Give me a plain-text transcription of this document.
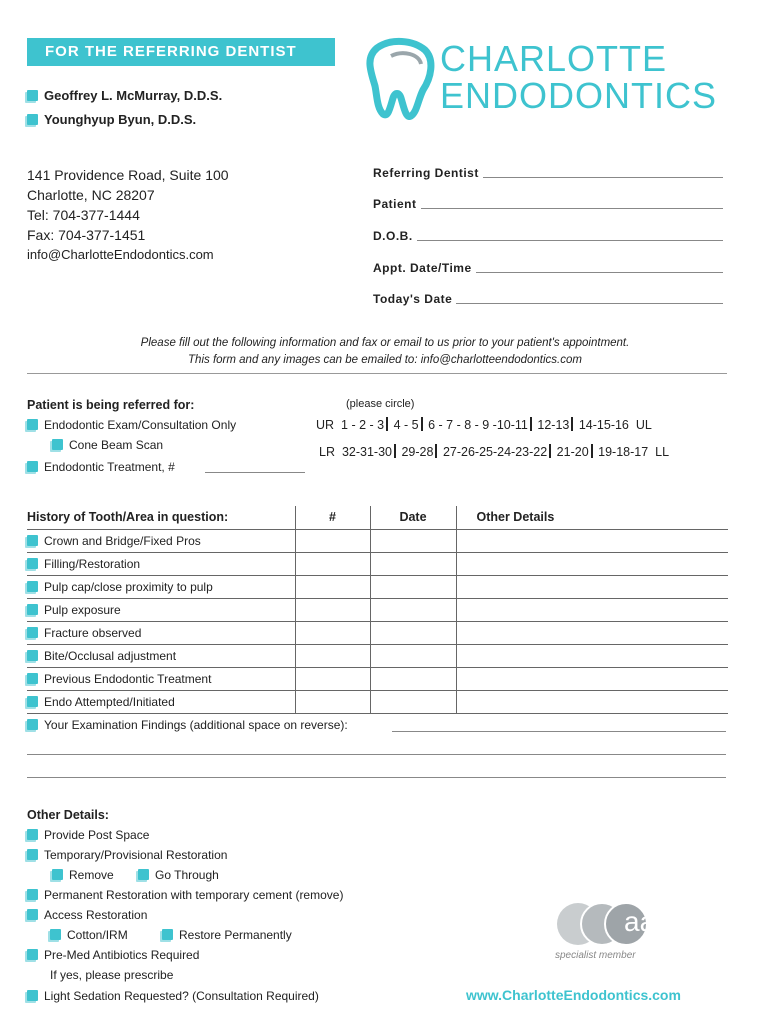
FOR THE REFERRING DENTIST
Geoffrey L. McMurray, D.D.S.
Younghyup Byun, D.D.S.
CHARLOTTE
ENDODONTICS
141 Providence Road, Suite 100
Charlotte, NC 28207
Tel: 704-377-1444
Fax: 704-377-1451
info@CharlotteEndodontics.com
Referring Dentist
Patient
D.O.B.
Appt. Date/Time
Today's Date
Please fill out the following information and fax or email to us prior to your patient's appointment.
This form and any images can be emailed to: info@charlotteendodontics.com
Patient is being referred for:	(please circle)
Endodontic Exam/Consultation Only
Cone Beam Scan
Endodontic Treatment, #
UR 1 - 2 - 3 4 - 5 6 - 7 - 8 - 9 -10-11 12-13 14-15-16 UL
LR 32-31-30 29-28 27-26-25-24-23-22 21-20 19-18-17 LL
History of Tooth/Area in question:	#	Date	Other Details
Crown and Bridge/Fixed Pros			
Filling/Restoration			
Pulp cap/close proximity to pulp			
Pulp exposure			
Fracture observed			
Bite/Occlusal adjustment			
Previous Endodontic Treatment			
Endo Attempted/Initiated			
Your Examination Findings (additional space on reverse):
Other Details:
Provide Post Space
Temporary/Provisional Restoration
Remove	Go Through
Permanent Restoration with temporary cement (remove)
Access Restoration
Cotton/IRM	Restore Permanently
Pre-Med Antibiotics Required
If yes, please prescribe
Light Sedation Requested? (Consultation Required)
aae
specialist member
www.CharlotteEndodontics.com
